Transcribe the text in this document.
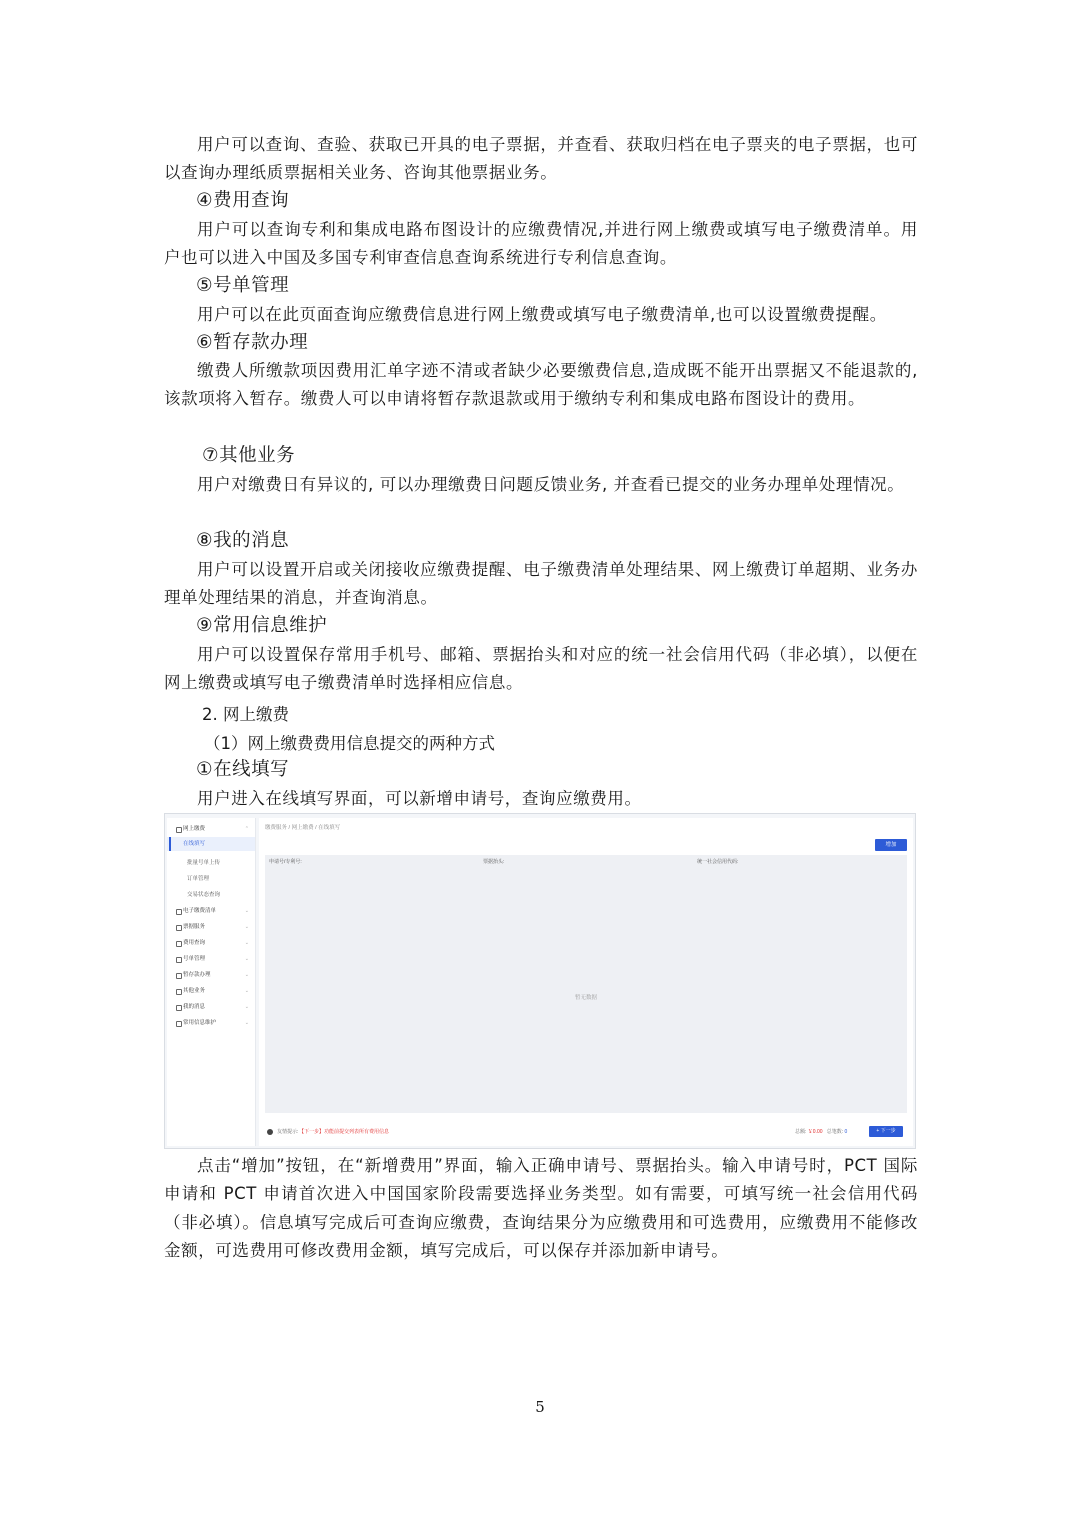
用户可以查询、查验、获取已开具的电子票据，并查看、获取归档在电子票夹的电子票据，也可以查询办理纸质票据相关业务、咨询其他票据业务。

④费用查询

用户可以查询专利和集成电路布图设计的应缴费情况,并进行网上缴费或填写电子缴费清单。用户也可以进入中国及多国专利审查信息查询系统进行专利信息查询。

⑤号单管理

用户可以在此页面查询应缴费信息进行网上缴费或填写电子缴费清单,也可以设置缴费提醒。

⑥暂存款办理

缴费人所缴款项因费用汇单字迹不清或者缺少必要缴费信息,造成既不能开出票据又不能退款的, 该款项将入暂存。缴费人可以申请将暂存款退款或用于缴纳专利和集成电路布图设计的费用。

⑦其他业务

用户对缴费日有异议的, 可以办理缴费日问题反馈业务, 并查看已提交的业务办理单处理情况。

⑧我的消息

用户可以设置开启或关闭接收应缴费提醒、电子缴费清单处理结果、网上缴费订单超期、业务办理单处理结果的消息，并查询消息。

⑨常用信息维护

用户可以设置保存常用手机号、邮箱、票据抬头和对应的统一社会信用代码（非必填），以便在网上缴费或填写电子缴费清单时选择相应信息。

2. 网上缴费

（1）网上缴费费用信息提交的两种方式

①在线填写

用户进入在线填写界面，可以新增申请号，查询应缴费用。

网上缴费	⌃
在线填写
批量号单上传
订单管理
交易状态查询
电子缴费清单	⌄
票据服务	⌄
费用查询	⌄
号单管理	⌄
暂存款办理	⌄
其他业务	⌄
我的消息	⌄
常用信息维护	⌄
缴费服务 / 网上缴费 / 在线填写
增加
申请号/专利号:	票据抬头:	统一社会信用代码:
暂无数据
友情提示: 【下一步】功能前提交列表所有费用信息	总额: ￥0.00 总笔数: 0	+ 下一步

点击“增加”按钮，在“新增费用”界面，输入正确申请号、票据抬头。输入申请号时，PCT 国际申请和 PCT 申请首次进入中国国家阶段需要选择业务类型。如有需要，可填写统一社会信用代码（非必填）。信息填写完成后可查询应缴费，查询结果分为应缴费用和可选费用，应缴费用不能修改金额，可选费用可修改费用金额，填写完成后，可以保存并添加新申请号。

5
